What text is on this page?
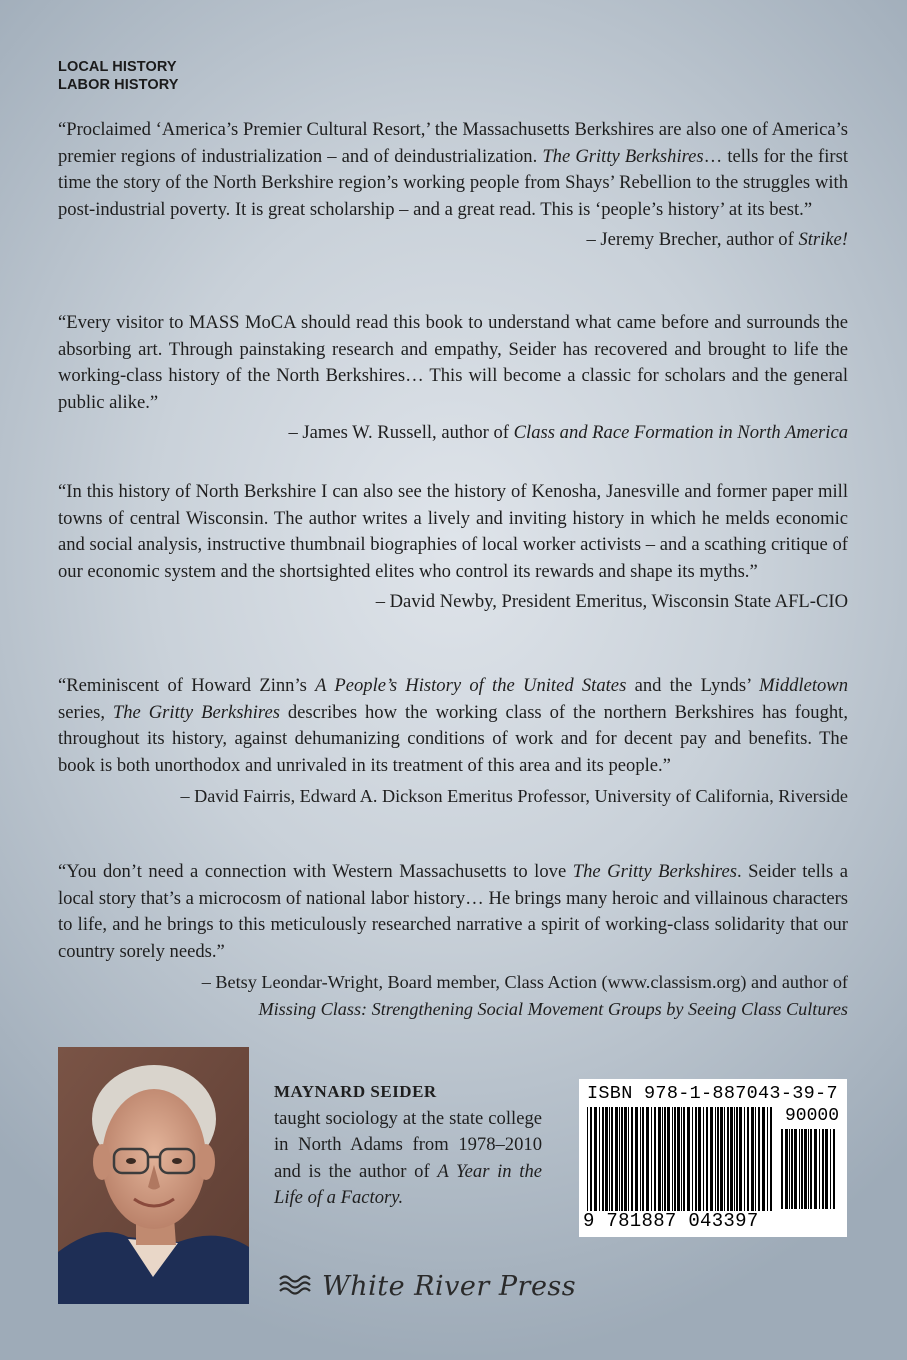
LOCAL HISTORY
LABOR HISTORY

“Proclaimed ‘America’s Premier Cultural Resort,’ the Massachusetts Berkshires are also one of America’s premier regions of industrialization – and of deindustrialization. The Gritty Berkshires… tells for the first time the story of the North Berkshire region’s working people from Shays’ Rebellion to the struggles with post-industrial poverty. It is great scholarship – and a great read. This is ‘people’s history’ at its best.”

– Jeremy Brecher, author of Strike!

“Every visitor to MASS MoCA should read this book to understand what came before and surrounds the absorbing art. Through painstaking research and empathy, Seider has recovered and brought to life the working-class history of the North Berkshires… This will become a classic for scholars and the general public alike.”

– James W. Russell, author of Class and Race Formation in North America

“In this history of North Berkshire I can also see the history of Kenosha, Janesville and former paper mill towns of central Wisconsin. The author writes a lively and inviting history in which he melds economic and social analysis, instructive thumbnail biographies of local worker activists – and a scathing critique of our economic system and the shortsighted elites who control its rewards and shape its myths.”

– David Newby, President Emeritus, Wisconsin State AFL-CIO

“Reminiscent of Howard Zinn’s A People’s History of the United States and the Lynds’ Middletown series, The Gritty Berkshires describes how the working class of the northern Berkshires has fought, throughout its history, against dehumanizing conditions of work and for decent pay and benefits. The book is both unorthodox and unrivaled in its treatment of this area and its people.”

– David Fairris, Edward A. Dickson Emeritus Professor, University of California, Riverside

“You don’t need a connection with Western Massachusetts to love The Gritty Berkshires. Seider tells a local story that’s a microcosm of national labor history… He brings many heroic and villainous characters to life, and he brings to this meticulously researched narrative a spirit of working-class solidarity that our country sorely needs.”

– Betsy Leondar-Wright, Board member, Class Action (www.classism.org) and author of

Missing Class: Strengthening Social Movement Groups by Seeing Class Cultures

MAYNARD SEIDER

taught sociology at the state college in North Adams from 1978–2010 and is the author of A Year in the Life of a Factory.

ISBN 978-1-887043-39-7
90000
9 781887 043397
White River Press
